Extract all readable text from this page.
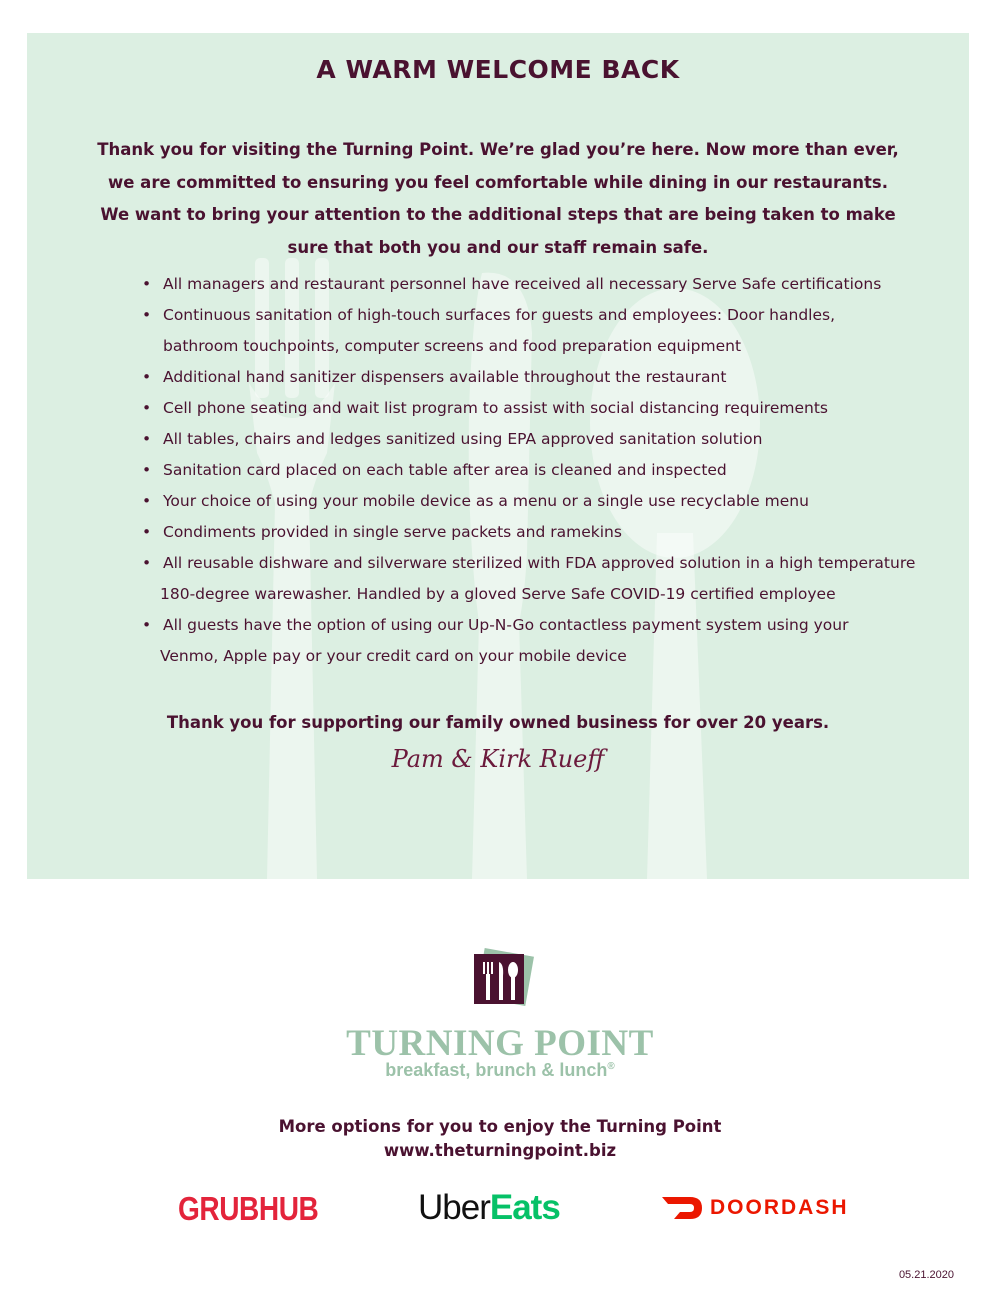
A WARM WELCOME BACK
Thank you for visiting the Turning Point. We’re glad you’re here. Now more than ever,
we are committed to ensuring you feel comfortable while dining in our restaurants.
We want to bring your attention to the additional steps that are being taken to make
sure that both you and our staff remain safe.
• All managers and restaurant personnel have received all necessary Serve Safe certifications
• Continuous sanitation of high-touch surfaces for guests and employees: Door handles,
bathroom touchpoints, computer screens and food preparation equipment
• Additional hand sanitizer dispensers available throughout the restaurant
• Cell phone seating and wait list program to assist with social distancing requirements
• All tables, chairs and ledges sanitized using EPA approved sanitation solution
• Sanitation card placed on each table after area is cleaned and inspected
• Your choice of using your mobile device as a menu or a single use recyclable menu
• Condiments provided in single serve packets and ramekins
• All reusable dishware and silverware sterilized with FDA approved solution in a high temperature
180-degree warewasher. Handled by a gloved Serve Safe COVID-19 certified employee
• All guests have the option of using our Up-N-Go contactless payment system using your
Venmo, Apple pay or your credit card on your mobile device
Thank you for supporting our family owned business for over 20 years.
Pam & Kirk Rueff
TURNING POINT
breakfast, brunch & lunch®
More options for you to enjoy the Turning Point
www.theturningpoint.biz
GRUBHUB	UberEats	DOORDASH
05.21.2020
